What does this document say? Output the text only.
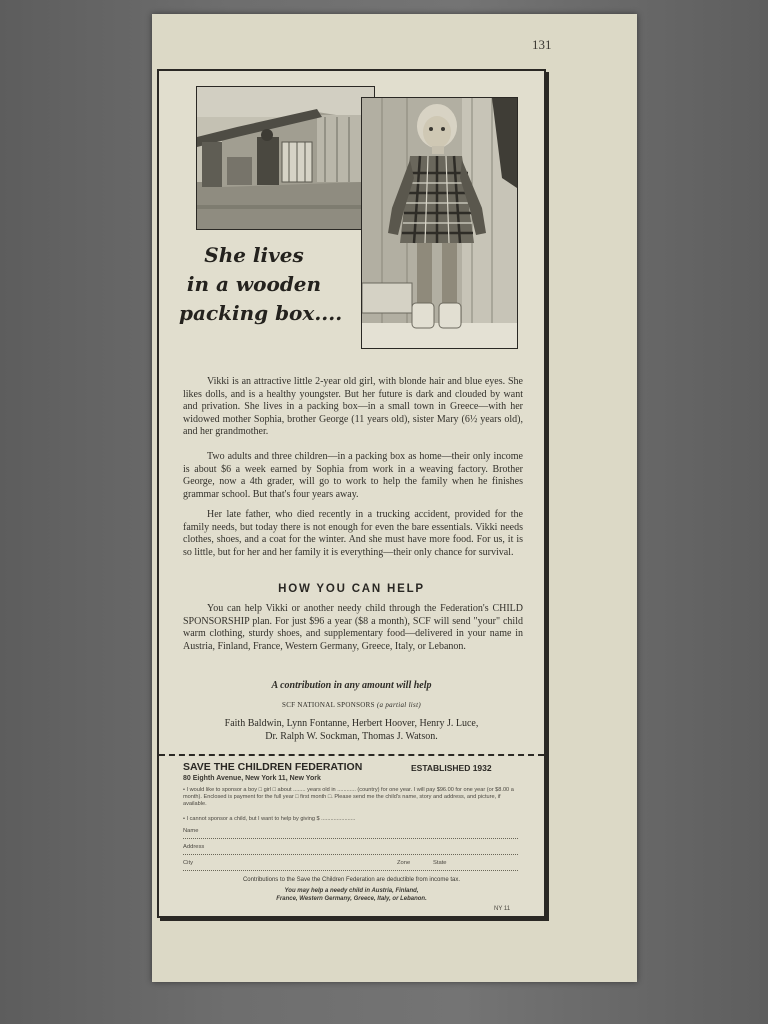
131
She lives
in a wooden
packing box....

Vikki is an attractive little 2-year old girl, with blonde hair and blue eyes. She likes dolls, and is a healthy youngster. But her future is dark and clouded by want and privation. She lives in a packing box—in a small town in Greece—with her widowed mother Sophia, brother George (11 years old), sister Mary (6½ years old), and her grandmother.

Two adults and three children—in a packing box as home—their only income is about $6 a week earned by Sophia from work in a weaving factory. Brother George, now a 4th grader, will go to work to help the family when he finishes grammar school. But that's four years away.

Her late father, who died recently in a trucking accident, provided for the family needs, but today there is not enough for even the bare essentials. Vikki needs clothes, shoes, and a coat for the winter. And she must have more food. For us, it is so little, but for her and her family it is everything—their only chance for survival.

HOW YOU CAN HELP

You can help Vikki or another needy child through the Federation's CHILD SPONSORSHIP plan. For just $96 a year ($8 a month), SCF will send "your" child warm clothing, sturdy shoes, and supplementary food—delivered in your name in Austria, Finland, France, Western Germany, Greece, Italy, or Lebanon.

A contribution in any amount will help
SCF NATIONAL SPONSORS (a partial list)
Faith Baldwin, Lynn Fontanne, Herbert Hoover, Henry J. Luce,
Dr. Ralph W. Sockman, Thomas J. Watson.
SAVE THE CHILDREN FEDERATION	ESTABLISHED 1932
80 Eighth Avenue, New York 11, New York
• I would like to sponsor a boy □ girl □ about ........ years old in ............ (country) for one year. I will pay $96.00 for one year (or $8.00 a month). Enclosed is payment for the full year □ first month □. Please send me the child's name, story and address, and picture, if available.
• I cannot sponsor a child, but I want to help by giving $ ......................
Name
Address
City	Zone	State
Contributions to the Save the Children Federation are deductible from income tax.
You may help a needy child in Austria, Finland,
France, Western Germany, Greece, Italy, or Lebanon.
NY 11
